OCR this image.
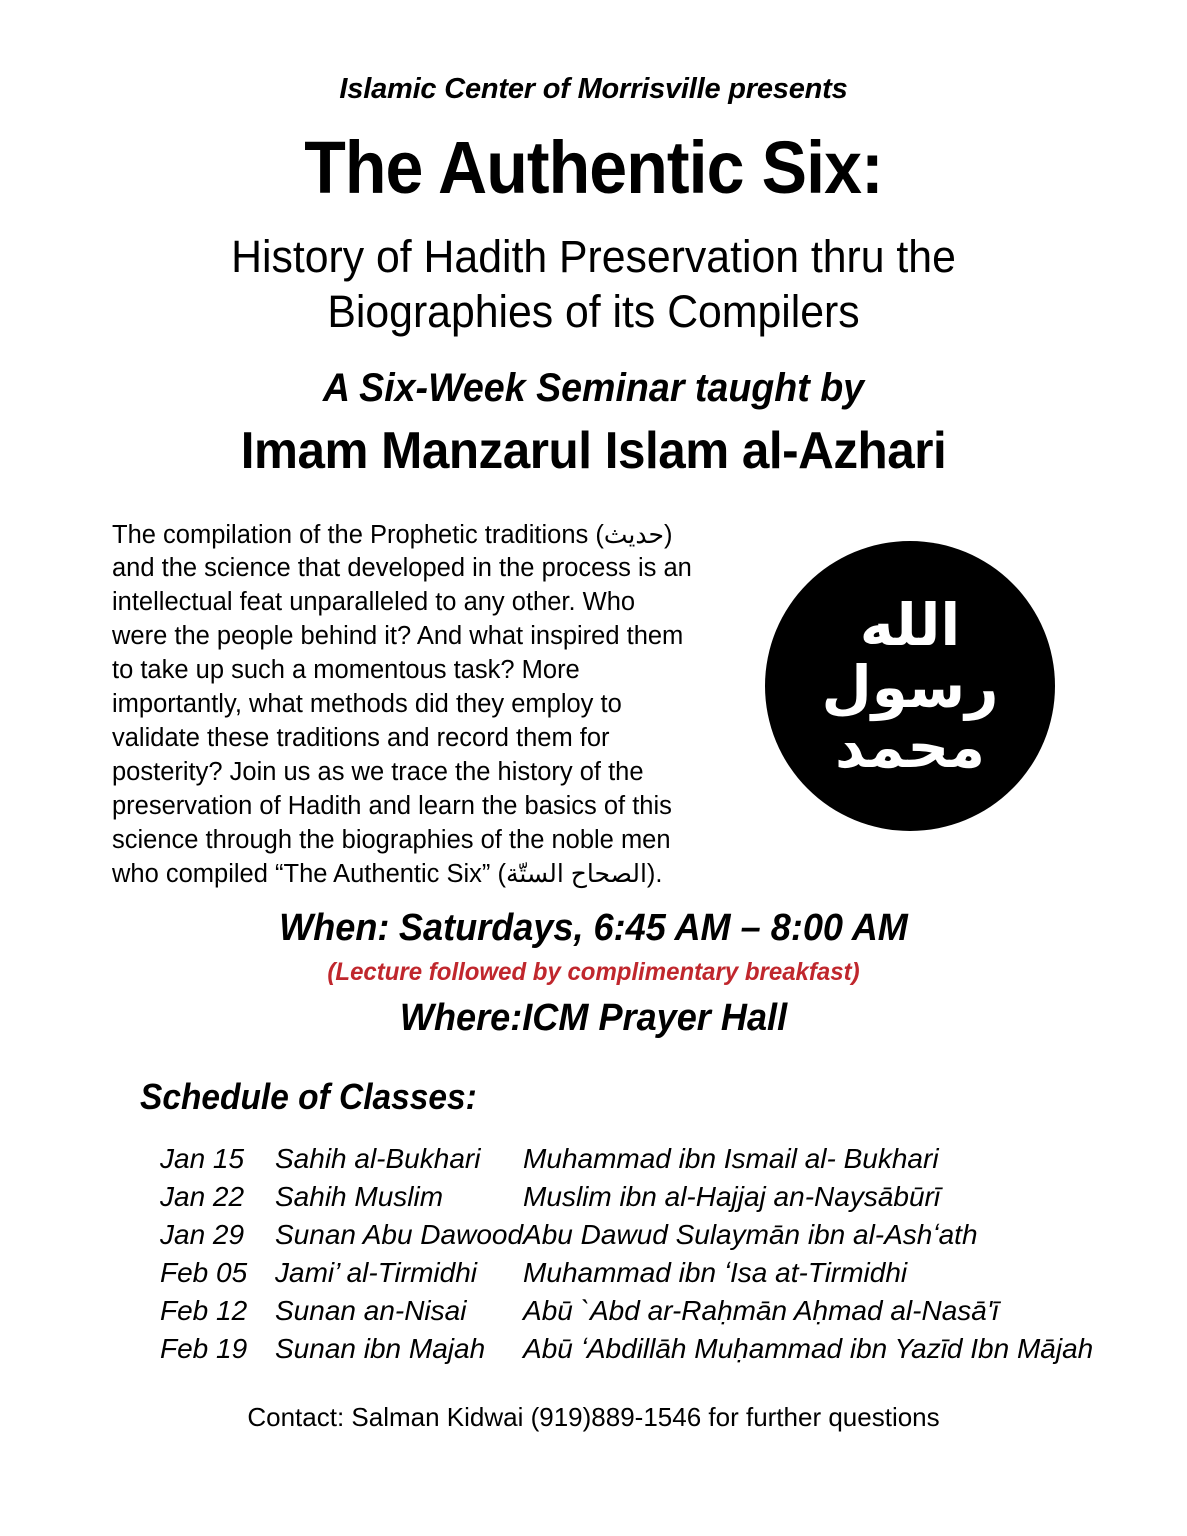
Islamic Center of Morrisville presents
The Authentic Six:
History of Hadith Preservation thru the
Biographies of its Compilers
A Six-Week Seminar taught by
Imam Manzarul Islam al-Azhari
The compilation of the Prophetic traditions (حديث) and the science that developed in the process is an intellectual feat unparalleled to any other. Who were the people behind it? And what inspired them to take up such a momentous task? More importantly, what methods did they employ to validate these traditions and record them for posterity? Join us as we trace the history of the preservation of Hadith and learn the basics of this science through the biographies of the noble men who compiled “The Authentic Six” (الصحاح الستّة).
الله
رسول
محمد
When: Saturdays, 6:45 AM – 8:00 AM
(Lecture followed by complimentary breakfast)
Where:ICM Prayer Hall
Schedule of Classes:
Jan 15	Sahih al-Bukhari	Muhammad ibn Ismail al- Bukhari
Jan 22	Sahih Muslim	Muslim ibn al-Hajjaj an-Naysābūrī
Jan 29	Sunan Abu Dawood	Abu Dawud Sulaymān ibn al-Ashʻath
Feb 05	Jami’ al-Tirmidhi	Muhammad ibn ʻIsa at-Tirmidhi
Feb 12	Sunan an-Nisai	Abū `Abd ar-Raḥmān Aḥmad al-Nasā'ī
Feb 19	Sunan ibn Majah	Abū ʻAbdillāh Muḥammad ibn Yazīd Ibn Mājah
Contact: Salman Kidwai (919)889-1546 for further questions
